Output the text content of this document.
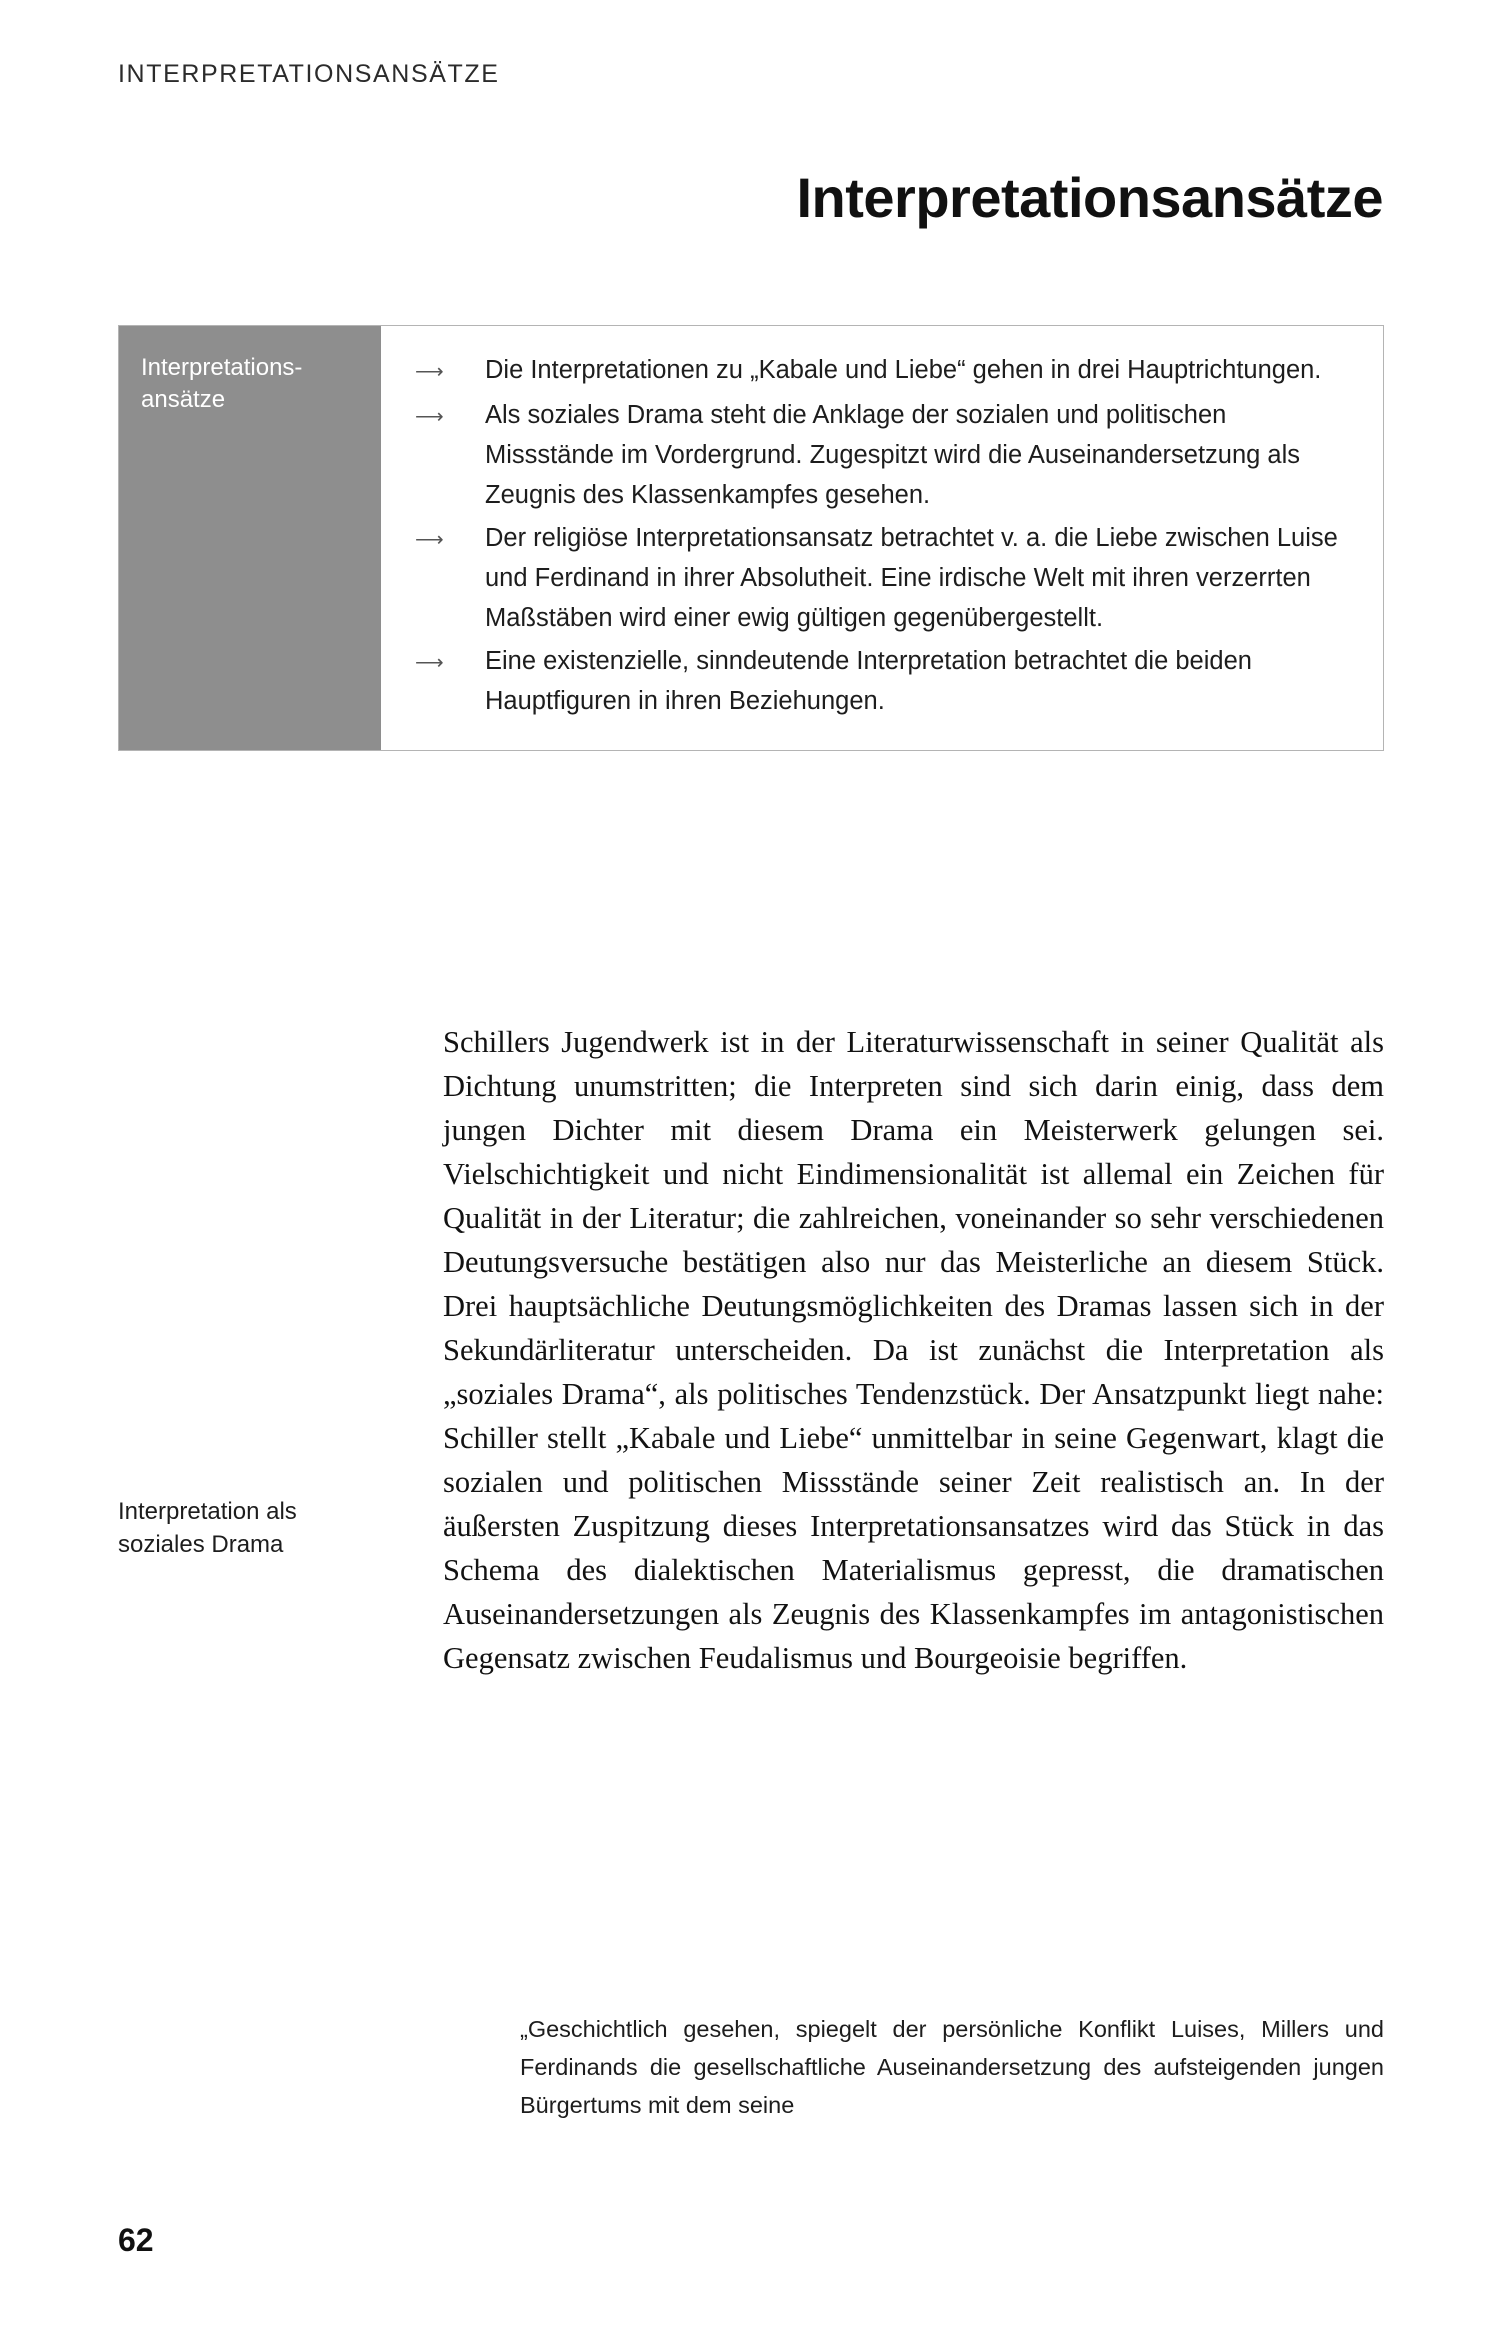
INTERPRETATIONSANSÄTZE
Interpretationsansätze
Interpretations-
ansätze
⟶	Die Interpretationen zu „Kabale und Liebe“ gehen in drei Hauptrichtungen.
⟶	Als soziales Drama steht die Anklage der sozialen und politischen Missstände im Vordergrund. Zugespitzt wird die Auseinandersetzung als Zeugnis des Klassenkampfes gesehen.
⟶	Der religiöse Interpretationsansatz betrachtet v. a. die Liebe zwischen Luise und Ferdinand in ihrer Absolutheit. Eine irdische Welt mit ihren verzerrten Maßstäben wird einer ewig gültigen gegenübergestellt.
⟶	Eine existenzielle, sinndeutende Interpretation betrachtet die beiden Hauptfiguren in ihren Beziehungen.
Interpretation als soziales Drama

Schillers Jugendwerk ist in der Literaturwissenschaft in seiner Qualität als Dichtung unumstritten; die Interpreten sind sich darin einig, dass dem jungen Dichter mit diesem Drama ein Meisterwerk gelungen sei. Vielschichtigkeit und nicht Eindimensionalität ist allemal ein Zeichen für Qualität in der Literatur; die zahlreichen, voneinander so sehr verschiedenen Deutungsversuche bestätigen also nur das Meisterliche an diesem Stück. Drei hauptsächliche Deutungsmöglichkeiten des Dramas lassen sich in der Sekundärliteratur unterscheiden. Da ist zunächst die Interpretation als „soziales Drama“, als politisches Tendenzstück. Der Ansatzpunkt liegt nahe: Schiller stellt „Kabale und Liebe“ unmittelbar in seine Gegenwart, klagt die sozialen und politischen Missstände seiner Zeit realistisch an. In der äußersten Zuspitzung dieses Interpretationsansatzes wird das Stück in das Schema des dialektischen Materialismus gepresst, die dramatischen Auseinandersetzungen als Zeugnis des Klassenkampfes im antagonistischen Gegensatz zwischen Feudalismus und Bourgeoisie begriffen.

„Geschichtlich gesehen, spiegelt der persönliche Konflikt Luises, Millers und Ferdinands die gesellschaftliche Auseinandersetzung des aufsteigenden jungen Bürgertums mit dem seine
62
